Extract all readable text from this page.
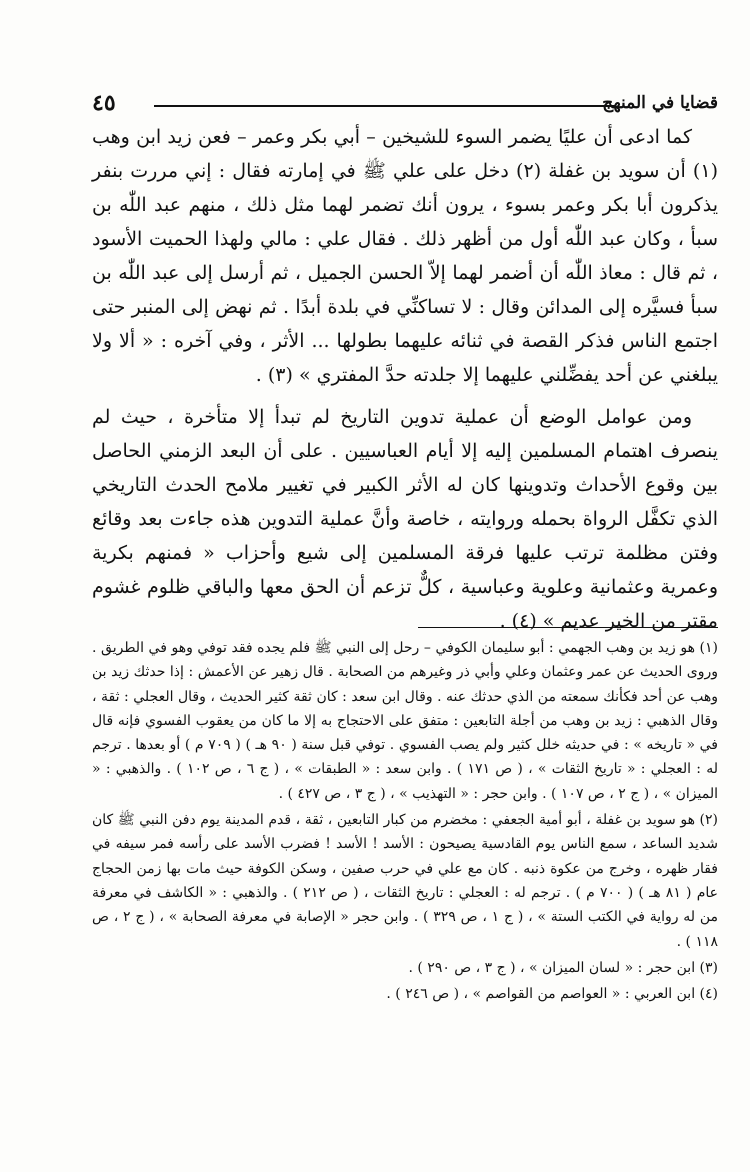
قضايا في المنهج
٤٥

كما ادعى أن عليًا يضمر السوء للشيخين – أبي بكر وعمر – فعن زيد ابن وهب (١) أن سويد بن غفلة (٢) دخل على علي ﷺ في إمارته فقال : إني مررت بنفر يذكرون أبا بكر وعمر بسوء ، يرون أنك تضمر لهما مثل ذلك ، منهم عبد اللّٰه بن سبأ ، وكان عبد اللّٰه أول من أظهر ذلك . فقال علي : مالي ولهذا الحميت الأسود ، ثم قال : معاذ اللّٰه أن أضمر لهما إلاّ الحسن الجميل ، ثم أرسل إلى عبد اللّٰه بن سبأ فسيَّره إلى المدائن وقال : لا تساكنِّي في بلدة أبدًا . ثم نهض إلى المنبر حتى اجتمع الناس فذكر القصة في ثنائه عليهما بطولها ... الأثر ، وفي آخره : « ألا ولا يبلغني عن أحد يفضِّلني عليهما إلا جلدته حدَّ المفتري » (٣) .

ومن عوامل الوضع أن عملية تدوين التاريخ لم تبدأ إلا متأخرة ، حيث لم ينصرف اهتمام المسلمين إليه إلا أيام العباسيين . على أن البعد الزمني الحاصل بين وقوع الأحداث وتدوينها كان له الأثر الكبير في تغيير ملامح الحدث التاريخي الذي تكفَّل الرواة بحمله وروايته ، خاصة وأنَّ عملية التدوين هذه جاءت بعد وقائع وفتن مظلمة ترتب عليها فرقة المسلمين إلى شيع وأحزاب « فمنهم بكرية وعمرية وعثمانية وعلوية وعباسية ، كلٌّ تزعم أن الحق معها والباقي ظلوم غشوم مقتر من الخير عديم » (٤) .

(١) هو زيد بن وهب الجهمي : أبو سليمان الكوفي – رحل إلى النبي ﷺ فلم يجده فقد توفي وهو في الطريق . وروى الحديث عن عمر وعثمان وعلي وأبي ذر وغيرهم من الصحابة . قال زهير عن الأعمش : إذا حدثك زيد بن وهب عن أحد فكأنك سمعته من الذي حدثك عنه . وقال ابن سعد : كان ثقة كثير الحديث ، وقال العجلي : ثقة ، وقال الذهبي : زيد بن وهب من أجلة التابعين : متفق على الاحتجاج به إلا ما كان من يعقوب الفسوي فإنه قال في « تاريخه » : في حديثه خلل كثير ولم يصب الفسوي . توفي قبل سنة ( ٩٠ هـ ) ( ٧٠٩ م ) أو بعدها . ترجم له : العجلي : « تاريخ الثقات » ، ( ص ١٧١ ) . وابن سعد : « الطبقات » ، ( ج ٦ ، ص ١٠٢ ) . والذهبي : « الميزان » ، ( ج ٢ ، ص ١٠٧ ) . وابن حجر : « التهذيب » ، ( ج ٣ ، ص ٤٢٧ ) .

(٢) هو سويد بن غفلة ، أبو أمية الجعفي : مخضرم من كبار التابعين ، ثقة ، قدم المدينة يوم دفن النبي ﷺ كان شديد الساعد ، سمع الناس يوم القادسية يصيحون : الأسد ! الأسد ! فضرب الأسد على رأسه فمر سيفه في فقار ظهره ، وخرج من عكوة ذنبه . كان مع علي في حرب صفين ، وسكن الكوفة حيث مات بها زمن الحجاج عام ( ٨١ هـ ) ( ٧٠٠ م ) . ترجم له : العجلي : تاريخ الثقات ، ( ص ٢١٢ ) . والذهبي : « الكاشف في معرفة من له رواية في الكتب الستة » ، ( ج ١ ، ص ٣٢٩ ) . وابن حجر « الإصابة في معرفة الصحابة » ، ( ج ٢ ، ص ١١٨ ) .

(٣) ابن حجر : « لسان الميزان » ، ( ج ٣ ، ص ٢٩٠ ) .

(٤) ابن العربي : « العواصم من القواصم » ، ( ص ٢٤٦ ) .
